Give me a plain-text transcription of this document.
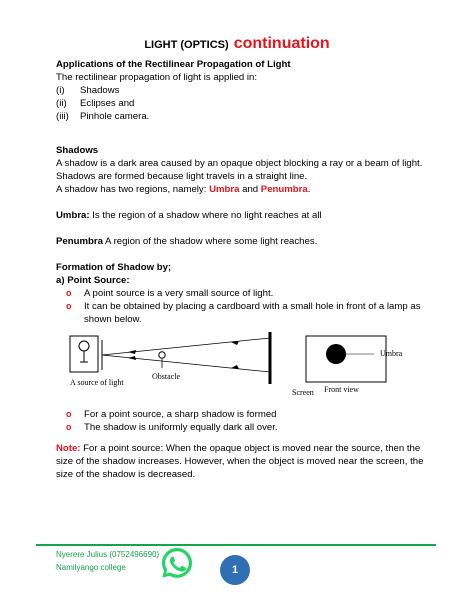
LIGHT (OPTICS) continuation

Applications of the Rectilinear Propagation of Light

The rectilinear propagation of light is applied in:

(i) Shadows

(ii) Eclipses and

(iii) Pinhole camera.

Shadows

A shadow is a dark area caused by an opaque object blocking a ray or a beam of light.

Shadows are formed because light travels in a straight line.

A shadow has two regions, namely: Umbra and Penumbra.

Umbra: Is the region of a shadow where no light reaches at all

Penumbra A region of the shadow where some light reaches.

Formation of Shadow by;

a) Point Source:

o A point source is a very small source of light.

o It can be obtained by placing a cardboard with a small hole in front of a lamp as

shown below.

A source of light
Obstacle
Screen Front view
Umbra

o For a point source, a sharp shadow is formed

o The shadow is uniformly equally dark all over.

Note: For a point source: When the opaque object is moved near the source, then the size of the shadow increases. However, when the object is moved near the screen, the size of the shadow is decreased.

Nyerere Julius (0752496690)
Namilyango college	1
